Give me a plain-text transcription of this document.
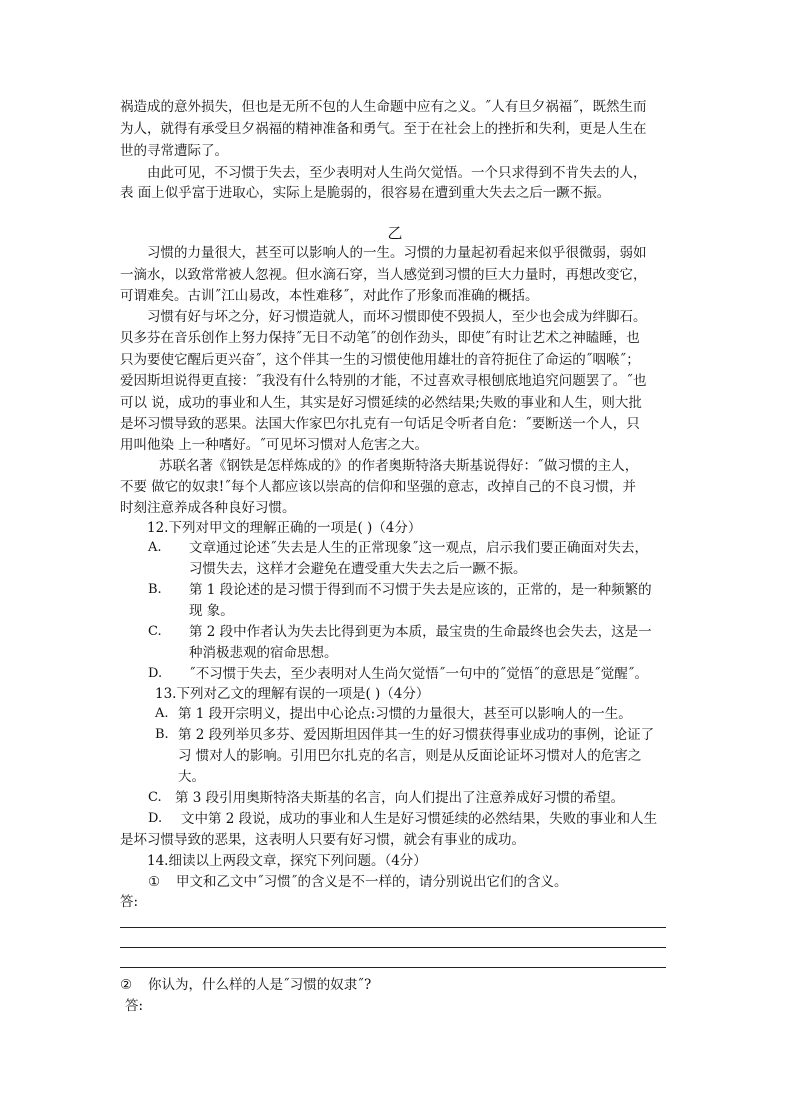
祸造成的意外损失，但也是无所不包的人生命题中应有之义。˝人有旦夕祸福˝，既然生而
为人，就得有承受旦夕祸福的精神准备和勇气。至于在社会上的挫折和失利，更是人生在
世的寻常遭际了。
由此可见，不习惯于失去，至少表明对人生尚欠觉悟。一个只求得到不肯失去的人，
表 面上似乎富于进取心，实际上是脆弱的，很容易在遭到重大失去之后一蹶不振。
乙
习惯的力量很大，甚至可以影响人的一生。习惯的力量起初看起来似乎很微弱，弱如
一滴水，以致常常被人忽视。但水滴石穿，当人感觉到习惯的巨大力量时，再想改变它，
可谓难矣。古训˝江山易改，本性难移˝，对此作了形象而准确的概括。
习惯有好与坏之分，好习惯造就人，而坏习惯即使不毁损人，至少也会成为绊脚石。
贝多芬在音乐创作上努力保持˝无日不动笔˝的创作劲头，即使˝有时让艺术之神瞌睡，也
只为要使它醒后更兴奋˝，这个伴其一生的习惯使他用雄壮的音符扼住了命运的˝咽喉˝；
爱因斯坦说得更直接：˝我没有什么特别的才能，不过喜欢寻根刨底地追究问题罢了。˝也
可以 说，成功的事业和人生，其实是好习惯延续的必然结果;失败的事业和人生，则大批
是坏习惯导致的恶果。法国大作家巴尔扎克有一句话足令听者自危：˝要断送一个人，只
用叫他染 上一种嗜好。˝可见坏习惯对人危害之大。
苏联名著《钢铁是怎样炼成的》的作者奥斯特洛夫斯基说得好：˝做习惯的主人，
不要 做它的奴隶!˝每个人都应该以崇高的信仰和坚强的意志，改掉自己的不良习惯，并
时刻注意养成各种良好习惯。
12.下列对甲文的理解正确的一项是( )（4分）
A. 文章通过论述˝失去是人生的正常现象˝这一观点，启示我们要正确面对失去，
习惯失去，这样才会避免在遭受重大失去之后一蹶不振。
B. 第 1 段论述的是习惯于得到而不习惯于失去是应该的，正常的，是一种频繁的
现 象。
C. 第 2 段中作者认为失去比得到更为本质，最宝贵的生命最终也会失去，这是一
种消极悲观的宿命思想。
D. ˝不习惯于失去，至少表明对人生尚欠觉悟˝一句中的˝觉悟˝的意思是˝觉醒˝。
13.下列对乙文的理解有误的一项是( )（4分）
A. 第 1 段开宗明义，提出中心论点:习惯的力量很大，甚至可以影响人的一生。
B. 第 2 段列举贝多芬、爱因斯坦因伴其一生的好习惯获得事业成功的事例，论证了
习 惯对人的影响。引用巴尔扎克的名言，则是从反面论证坏习惯对人的危害之
大。
C. 第 3 段引用奥斯特洛夫斯基的名言，向人们提出了注意养成好习惯的希望。
D. 文中第 2 段说，成功的事业和人生是好习惯延续的必然结果，失败的事业和人生
是坏习惯导致的恶果，这表明人只要有好习惯，就会有事业的成功。
14.细读以上两段文章，探究下列问题。（4分）
① 甲文和乙文中˝习惯˝的含义是不一样的，请分别说出它们的含义。
答:
② 你认为，什么样的人是˝习惯的奴隶˝?
答:
